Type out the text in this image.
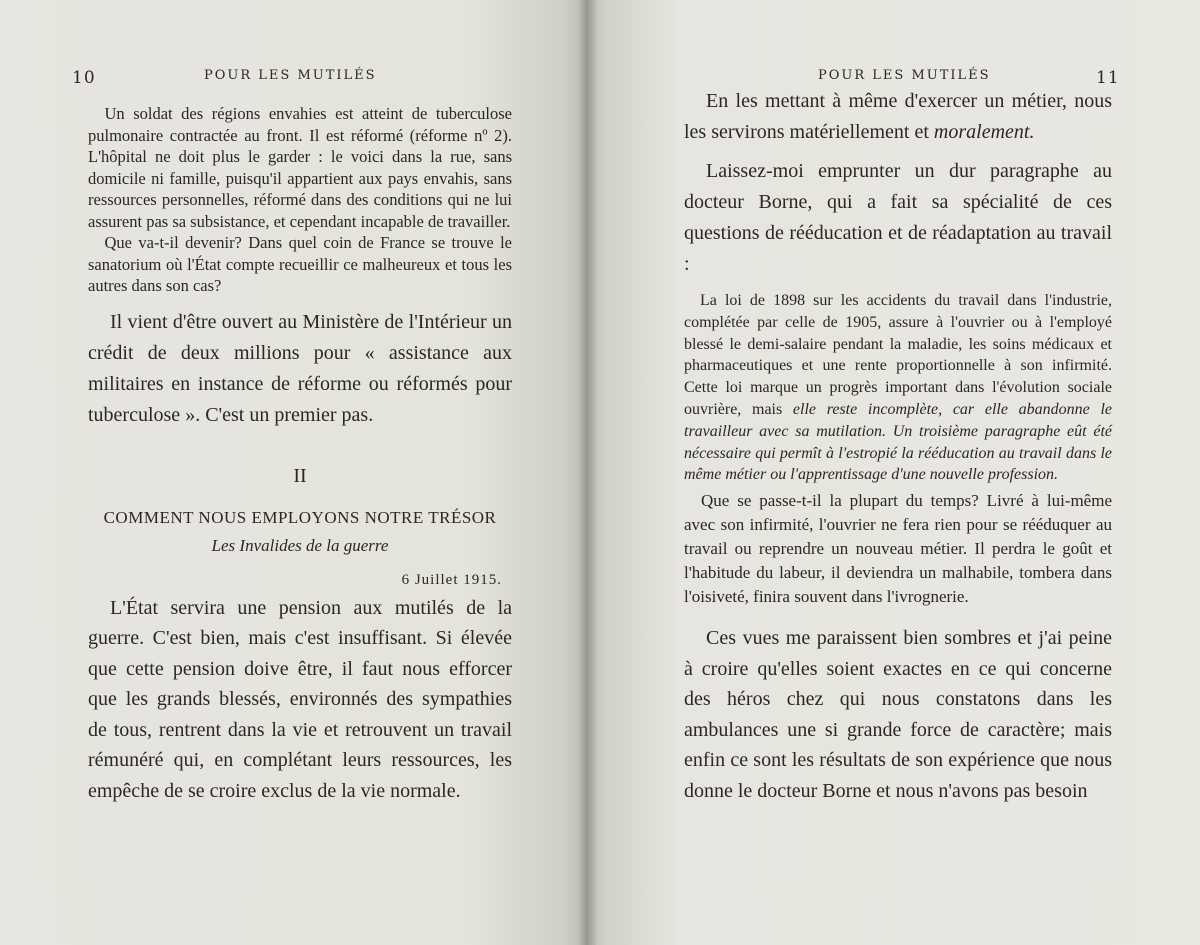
10	POUR LES MUTILÉS

Un soldat des régions envahies est atteint de tuberculose pulmonaire contractée au front. Il est réformé (réforme nº 2). L'hôpital ne doit plus le garder : le voici dans la rue, sans domicile ni famille, puisqu'il appartient aux pays envahis, sans ressources personnelles, réformé dans des conditions qui ne lui assurent pas sa subsistance, et cependant incapable de travailler.

Que va-t-il devenir? Dans quel coin de France se trouve le sanatorium où l'État compte recueillir ce malheureux et tous les autres dans son cas?

Il vient d'être ouvert au Ministère de l'Intérieur un crédit de deux millions pour « assistance aux militaires en instance de réforme ou réformés pour tuberculose ». C'est un premier pas.

II
COMMENT NOUS EMPLOYONS NOTRE TRÉSOR
Les Invalides de la guerre
6 Juillet 1915.

L'État servira une pension aux mutilés de la guerre. C'est bien, mais c'est insuffisant. Si élevée que cette pension doive être, il faut nous efforcer que les grands blessés, environnés des sympathies de tous, rentrent dans la vie et retrouvent un travail rémunéré qui, en complétant leurs ressources, les empêche de se croire exclus de la vie normale.

POUR LES MUTILÉS	11

En les mettant à même d'exercer un métier, nous les servirons matériellement et moralement.

Laissez-moi emprunter un dur paragraphe au docteur Borne, qui a fait sa spécialité de ces questions de rééducation et de réadaptation au travail :

La loi de 1898 sur les accidents du travail dans l'industrie, complétée par celle de 1905, assure à l'ouvrier ou à l'employé blessé le demi-salaire pendant la maladie, les soins médicaux et pharmaceutiques et une rente proportionnelle à son infirmité. Cette loi marque un progrès important dans l'évolution sociale ouvrière, mais elle reste incomplète, car elle abandonne le travailleur avec sa mutilation. Un troisième paragraphe eût été nécessaire qui permît à l'estropié la rééducation au travail dans le même métier ou l'apprentissage d'une nouvelle profession.

Que se passe-t-il la plupart du temps? Livré à lui-même avec son infirmité, l'ouvrier ne fera rien pour se rééduquer au travail ou reprendre un nouveau métier. Il perdra le goût et l'habitude du labeur, il deviendra un malhabile, tombera dans l'oisiveté, finira souvent dans l'ivrognerie.

Ces vues me paraissent bien sombres et j'ai peine à croire qu'elles soient exactes en ce qui concerne des héros chez qui nous constatons dans les ambulances une si grande force de caractère; mais enfin ce sont les résultats de son expérience que nous donne le docteur Borne et nous n'avons pas besoin
